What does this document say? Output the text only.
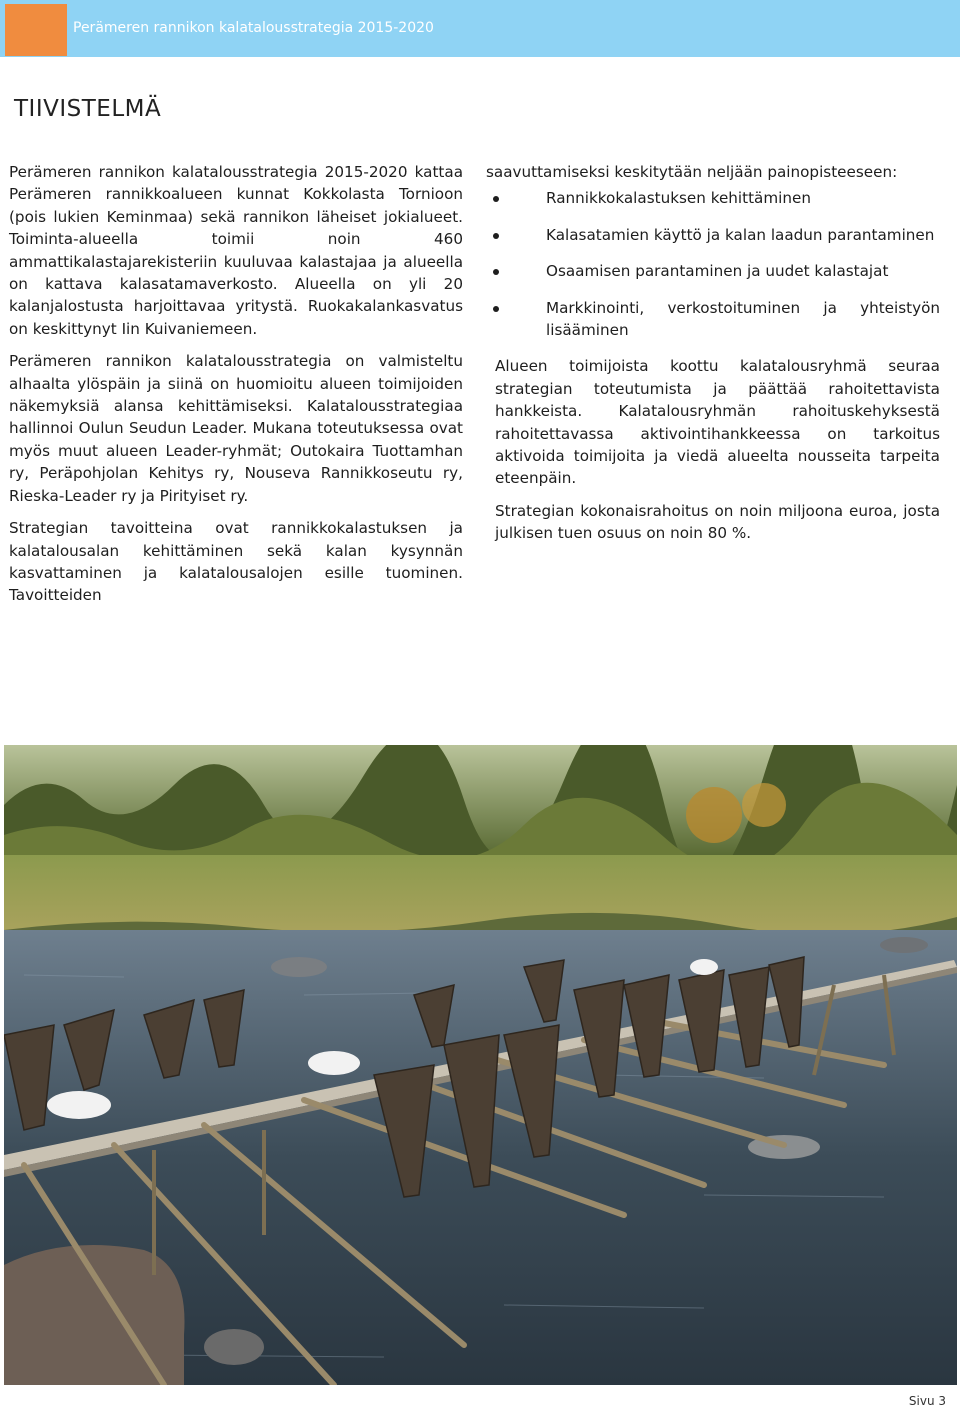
Perämeren rannikon kalatalousstrategia 2015-2020
TIIVISTELMÄ

Perämeren rannikon kalatalousstrategia 2015-2020 kattaa Perämeren rannikkoalueen kunnat Kokkolasta Tornioon (pois lukien Keminmaa) sekä rannikon läheiset jokialueet. Toiminta-alueella toimii noin 460 ammattikalastajarekisteriin kuuluvaa kalastajaa ja alueella on kattava kalasatamaverkosto. Alueella on yli 20 kalanjalostusta harjoittavaa yritystä. Ruokakalankasvatus on keskittynyt Iin Kuivaniemeen.

Perämeren rannikon kalatalousstrategia on valmisteltu alhaalta ylöspäin ja siinä on huomioitu alueen toimijoiden näkemyksiä alansa kehittämiseksi. Kalatalousstrategiaa hallinnoi Oulun Seudun Leader. Mukana toteutuksessa ovat myös muut alueen Leader-ryhmät; Outokaira Tuottamhan ry, Peräpohjolan Kehitys ry, Nouseva Rannikkoseutu ry, Rieska-Leader ry ja Pirityiset ry.

Strategian tavoitteina ovat rannikkokalastuksen ja kalatalousalan kehittäminen sekä kalan kysynnän kasvattaminen ja kalatalousalojen esille tuominen. Tavoitteiden

saavuttamiseksi keskitytään neljään painopisteeseen:

Rannikkokalastuksen kehittäminen
Kalasatamien käyttö ja kalan laadun parantaminen
Osaamisen parantaminen ja uudet kalastajat
Markkinointi, verkostoituminen ja yhteistyön lisääminen

Alueen toimijoista koottu kalatalousryhmä seuraa strategian toteutumista ja päättää rahoitettavista hankkeista. Kalatalousryhmän rahoituskehyksestä rahoitettavassa aktivointihankkeessa on tarkoitus aktivoida toimijoita ja viedä alueelta nousseita tarpeita eteenpäin.

Strategian kokonaisrahoitus on noin miljoona euroa, josta julkisen tuen osuus on noin 80 %.

Sivu 3
